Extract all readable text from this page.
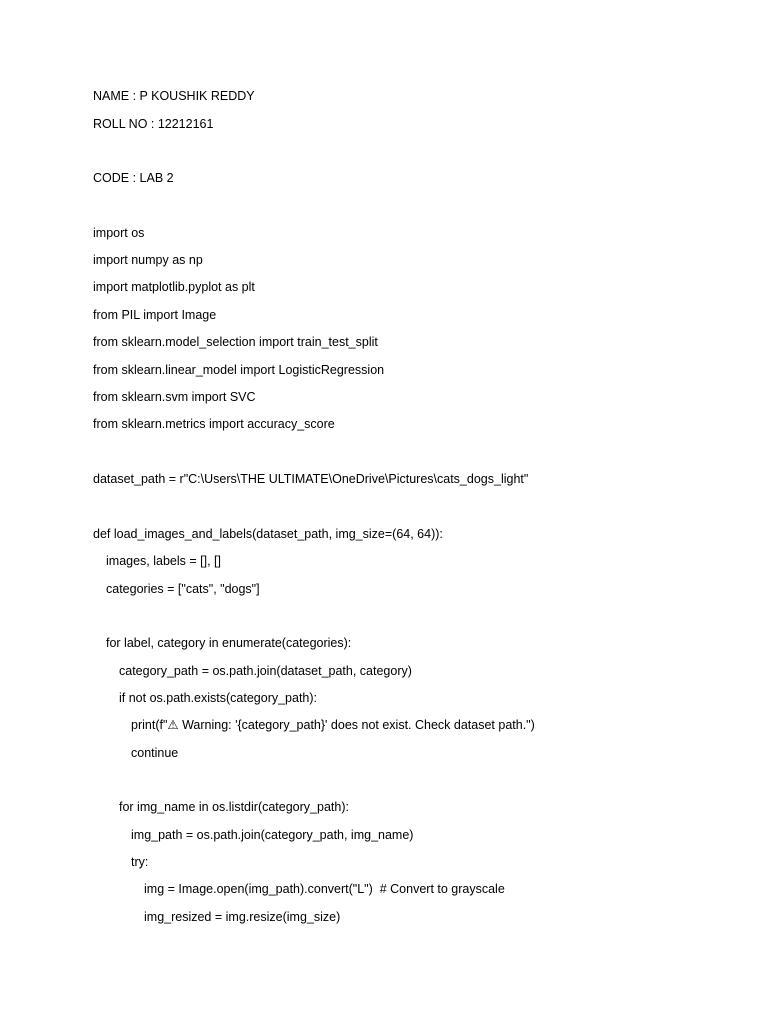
NAME : P KOUSHIK REDDY
ROLL NO : 12212161
CODE : LAB 2
import os
import numpy as np
import matplotlib.pyplot as plt
from PIL import Image
from sklearn.model_selection import train_test_split
from sklearn.linear_model import LogisticRegression
from sklearn.svm import SVC
from sklearn.metrics import accuracy_score
dataset_path = r"C:\Users\THE ULTIMATE\OneDrive\Pictures\cats_dogs_light"
def load_images_and_labels(dataset_path, img_size=(64, 64)):
images, labels = [], []
categories = ["cats", "dogs"]
for label, category in enumerate(categories):
category_path = os.path.join(dataset_path, category)
if not os.path.exists(category_path):
print(f"⚠ Warning: '{category_path}' does not exist. Check dataset path.")
continue
for img_name in os.listdir(category_path):
img_path = os.path.join(category_path, img_name)
try:
img = Image.open(img_path).convert("L")  # Convert to grayscale
img_resized = img.resize(img_size)
